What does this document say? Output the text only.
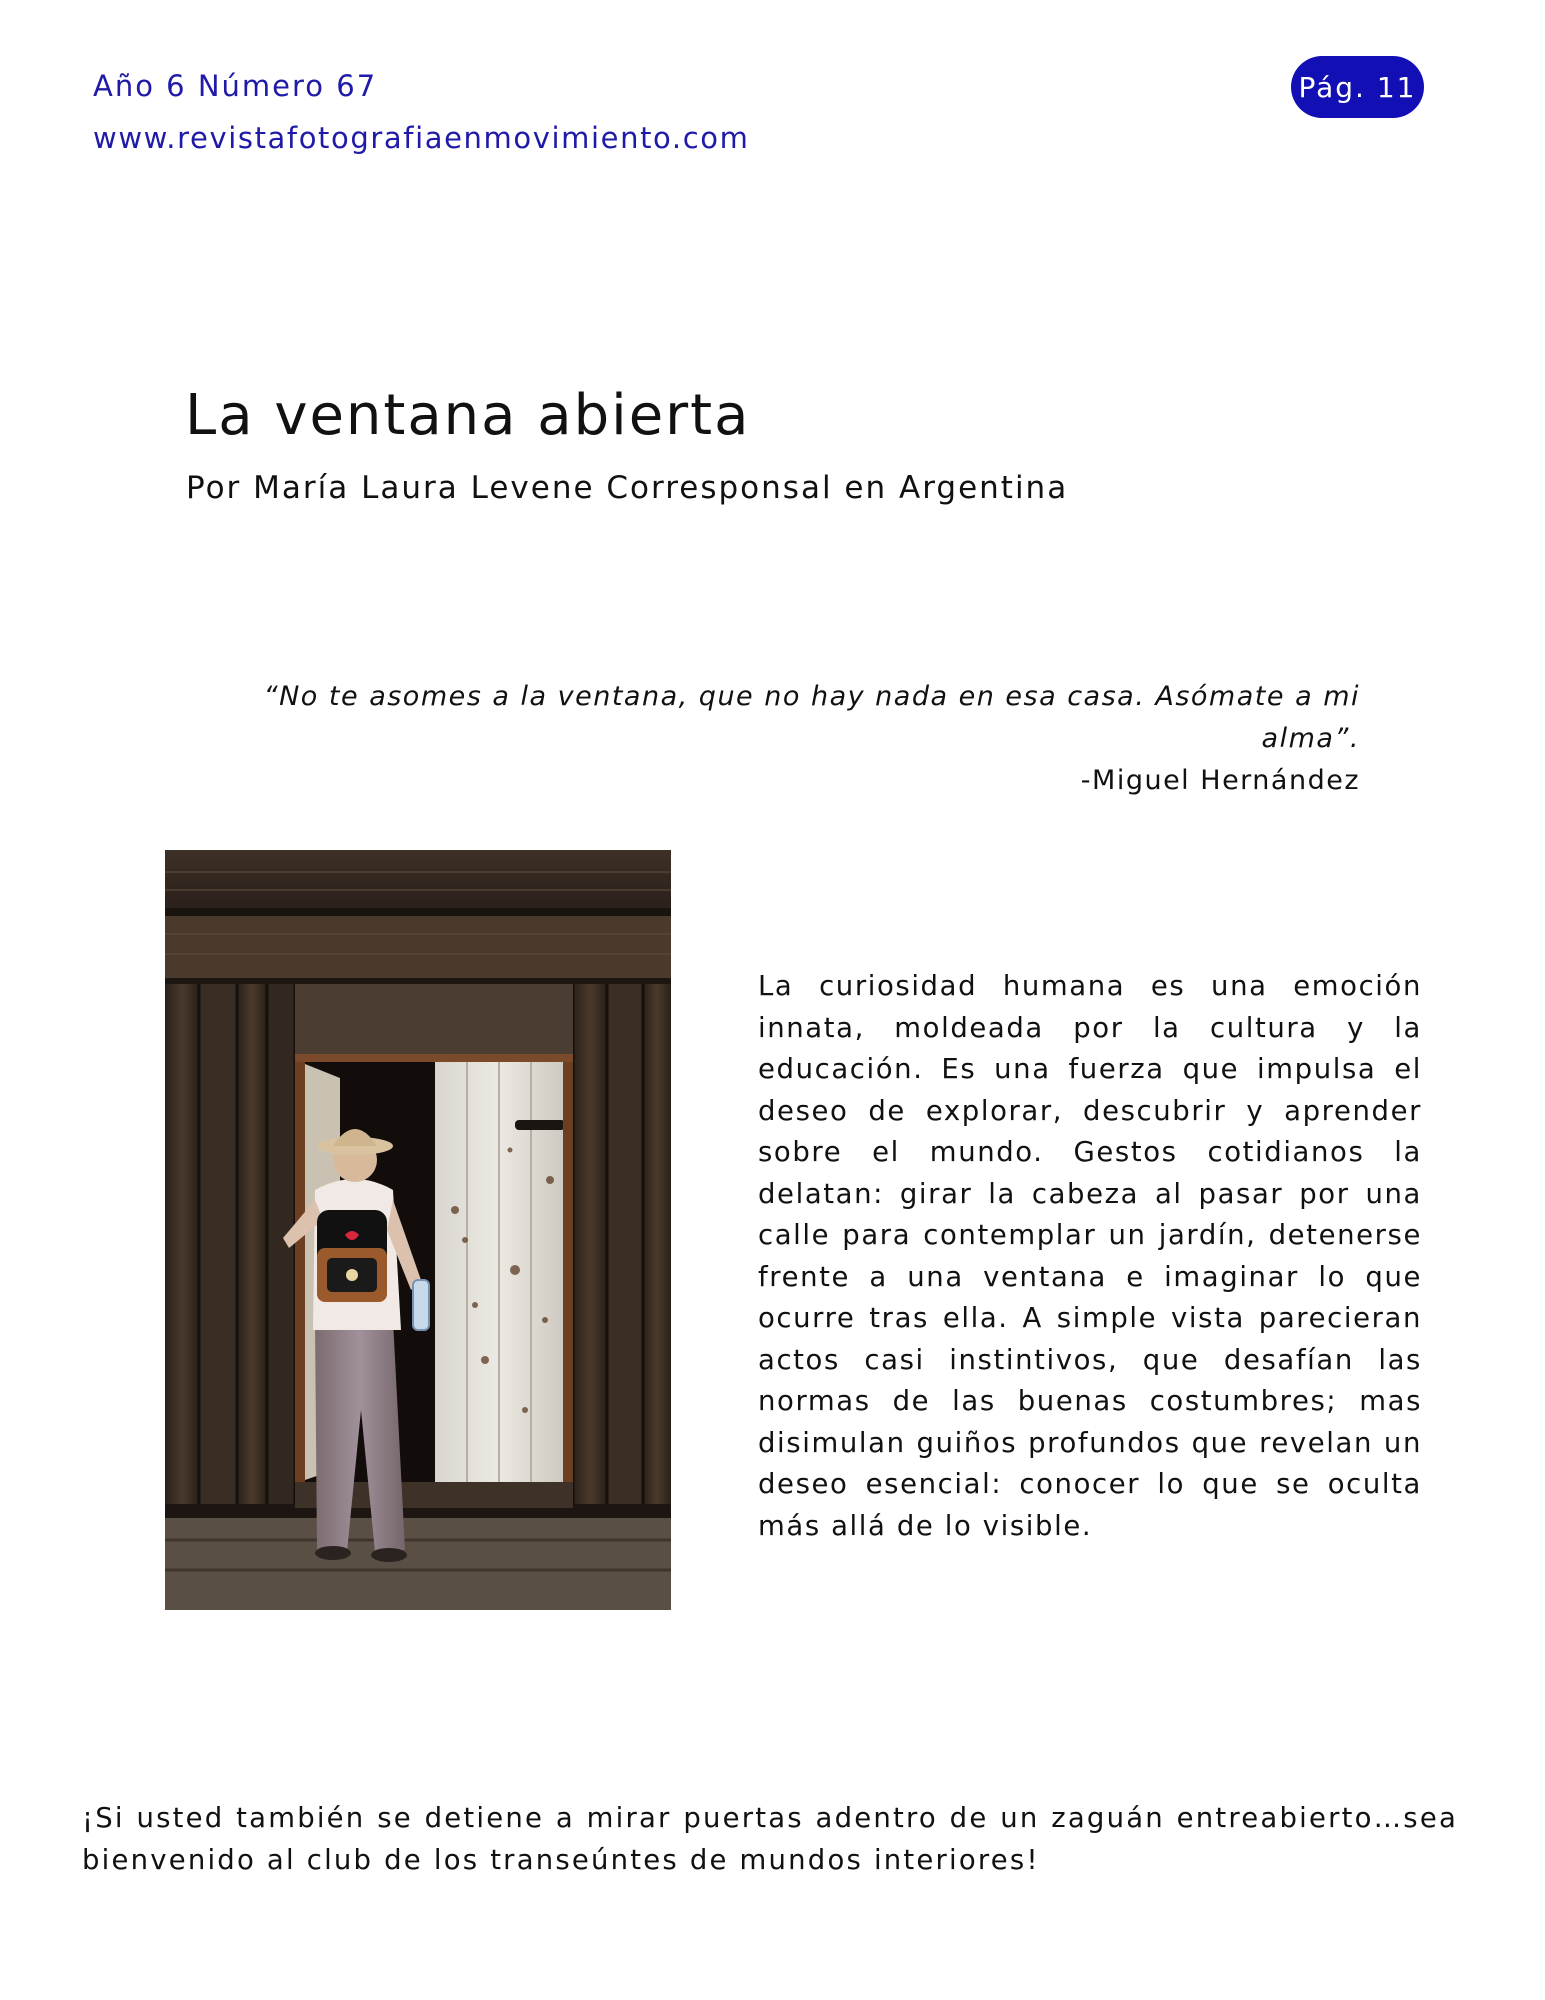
Año 6 Número 67
www.revistafotografiaenmovimiento.com
Pág. 11
La ventana abierta
Por María Laura Levene Corresponsal en Argentina
“No te asomes a la ventana, que no hay nada en esa casa. Asómate a mi alma”.
-Miguel Hernández

La curiosidad humana es una emoción innata, moldeada por la cultura y la educación. Es una fuerza que impulsa el deseo de explorar, descubrir y aprender sobre el mundo. Gestos cotidianos la delatan: girar la cabeza al pasar por una calle para contemplar un jardín, detenerse frente a una ventana e imaginar lo que ocurre tras ella. A simple vista parecieran actos casi instintivos, que desafían las normas de las buenas costumbres; mas disimulan guiños profundos que revelan un deseo esencial: conocer lo que se oculta más allá de lo visible.

¡Si usted también se detiene a mirar puertas adentro de un zaguán entreabierto…sea bienvenido al club de los transeúntes de mundos interiores!
